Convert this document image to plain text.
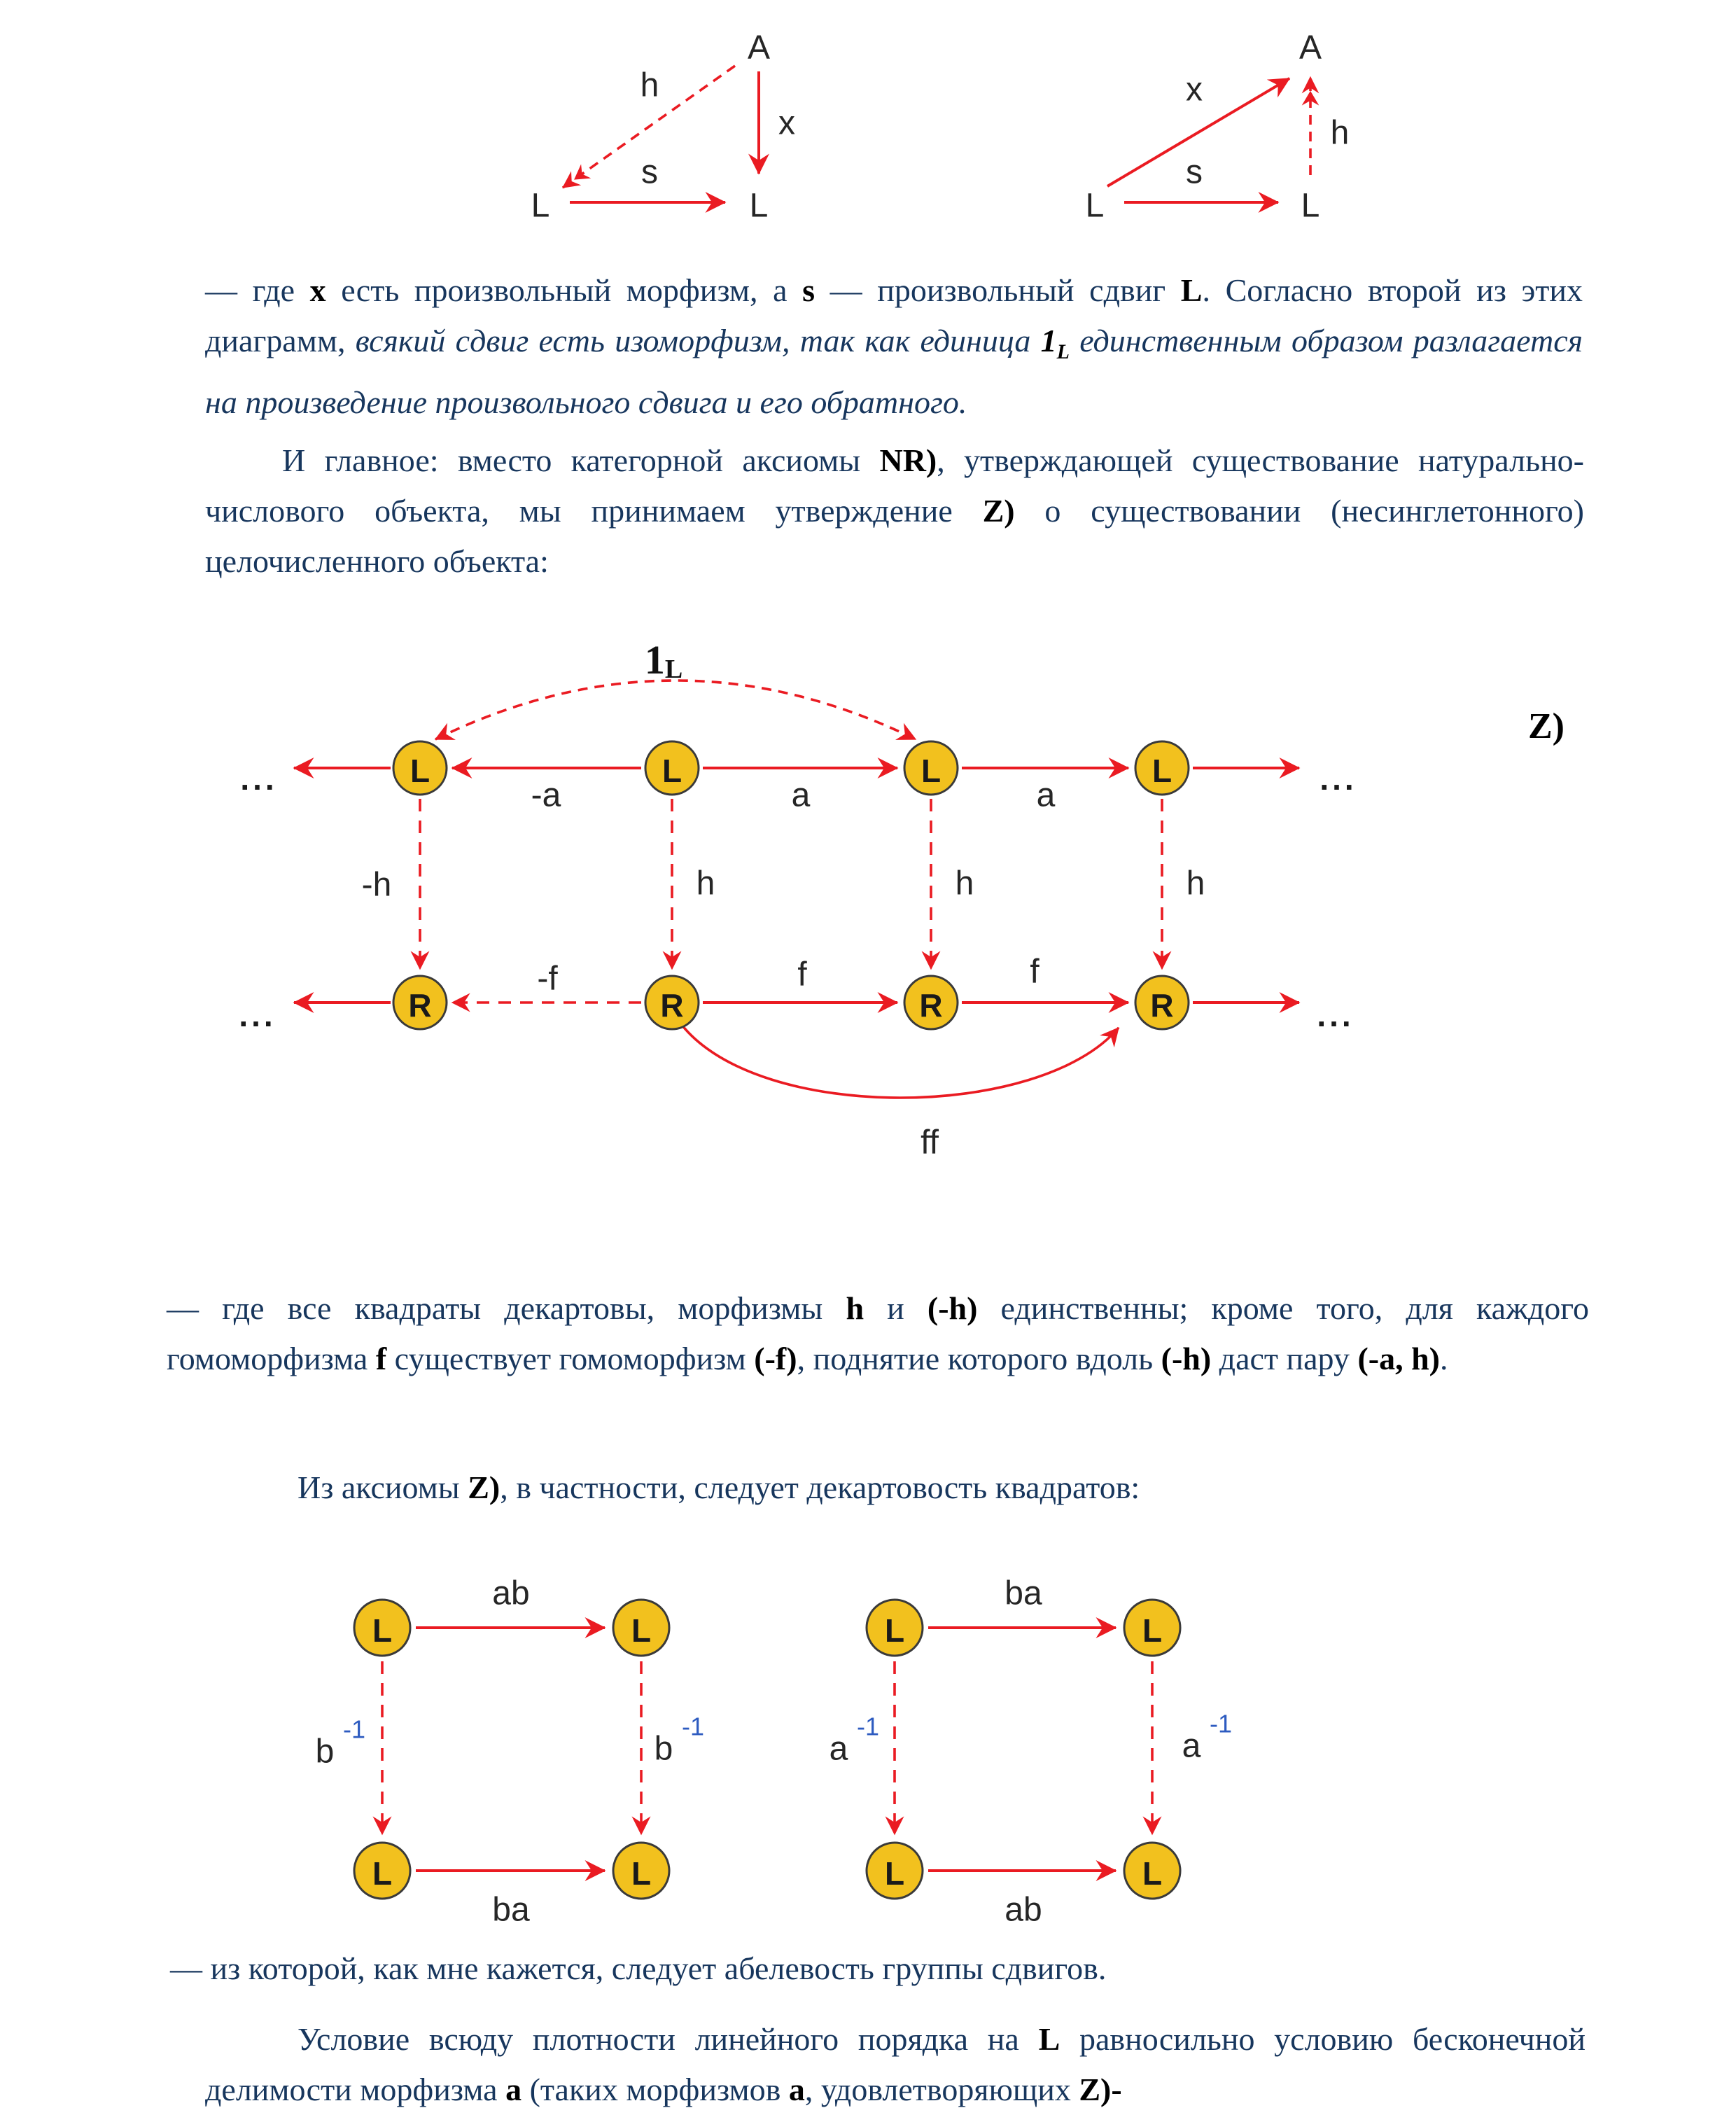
A
L	L
h
x
s
A
L	L
x
h
s
— где x есть произвольный морфизм, а s — произвольный сдвиг L. Согласно второй из этих диаграмм, всякий сдвиг есть изоморфизм, так как единица $1_L$ единственным образом разлагается на произведение произвольного сдвига и его обратного.
И главное: вместо категорной аксиомы NR), утверждающей существование натурально-числового объекта, мы принимаем утверждение Z) о существовании (несинглетонного) целочисленного объекта:
1L
...	...
-a	a	a
-h	h	h	h
...	...
-f	f	f
ff
L	L	L	L
R	R	R	R
Z)
— где все квадраты декартовы, морфизмы h и (-h) единственны; кроме того, для каждого гомоморфизма f существует гомоморфизм (-f), поднятие которого вдоль (-h) даст пару (-a, h).
Из аксиомы Z), в частности, следует декартовость квадратов:
L	L
L	L
ab
ba
b
-1
b
-1
L	L
L	L
ba
ab
a
-1
a
-1
— из которой, как мне кажется, следует абелевость группы сдвигов.
Условие всюду плотности линейного порядка на L равносильно условию бесконечной делимости морфизма a (таких морфизмов a, удовлетворяющих Z)-
